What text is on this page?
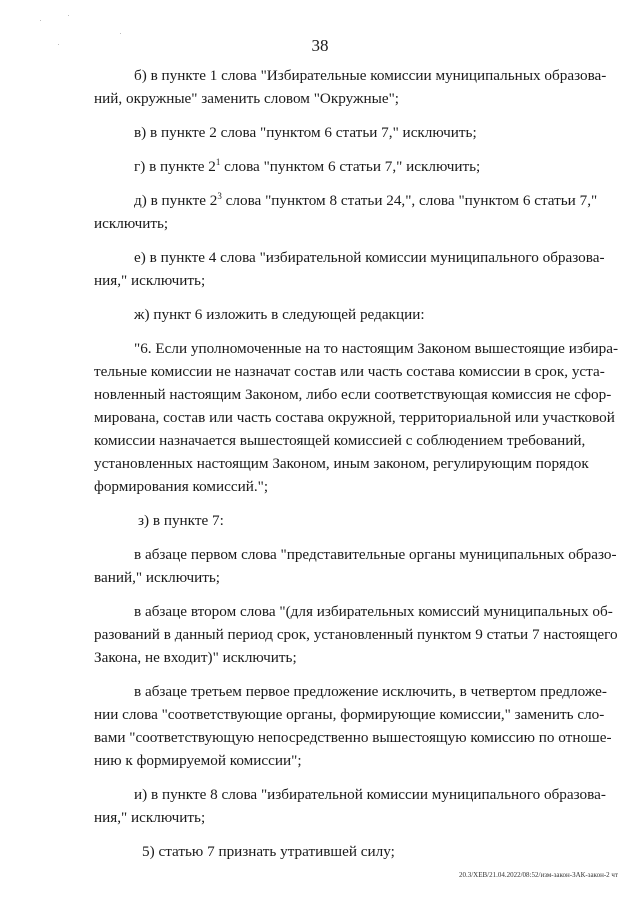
38

б) в пункте 1 слова "Избирательные комиссии муниципальных образова-
ний, окружные" заменить словом "Окружные";

в) в пункте 2 слова "пунктом 6 статьи 7," исключить;

г) в пункте $2^1$ слова "пунктом 6 статьи 7," исключить;

д) в пункте $2^3$ слова "пунктом 8 статьи 24,", слова "пунктом 6 статьи 7,"
исключить;

е) в пункте 4 слова "избирательной комиссии муниципального образова-
ния," исключить;

ж) пункт 6 изложить в следующей редакции:

"6. Если уполномоченные на то настоящим Законом вышестоящие избира-
тельные комиссии не назначат состав или часть состава комиссии в срок, уста-
новленный настоящим Законом, либо если соответствующая комиссия не сфор-
мирована, состав или часть состава окружной, территориальной или участковой
комиссии назначается вышестоящей комиссией с соблюдением требований,
установленных настоящим Законом, иным законом, регулирующим порядок
формирования комиссий.";

з) в пункте 7:

в абзаце первом слова "представительные органы муниципальных образо-
ваний," исключить;

в абзаце втором слова "(для избирательных комиссий муниципальных об-
разований в данный период срок, установленный пунктом 9 статьи 7 настоящего
Закона, не входит)" исключить;

в абзаце третьем первое предложение исключить, в четвертом предложе-
нии слова "соответствующие органы, формирующие комиссии," заменить сло-
вами "соответствующую непосредственно вышестоящую комиссию по отноше-
нию к формируемой комиссии";

и) в пункте 8 слова "избирательной комиссии муниципального образова-
ния," исключить;

5) статью 7 признать утратившей силу;

20.3/ХЕВ/21.04.2022/08:52/изм-закон-ЗАК-закон-2 чт
